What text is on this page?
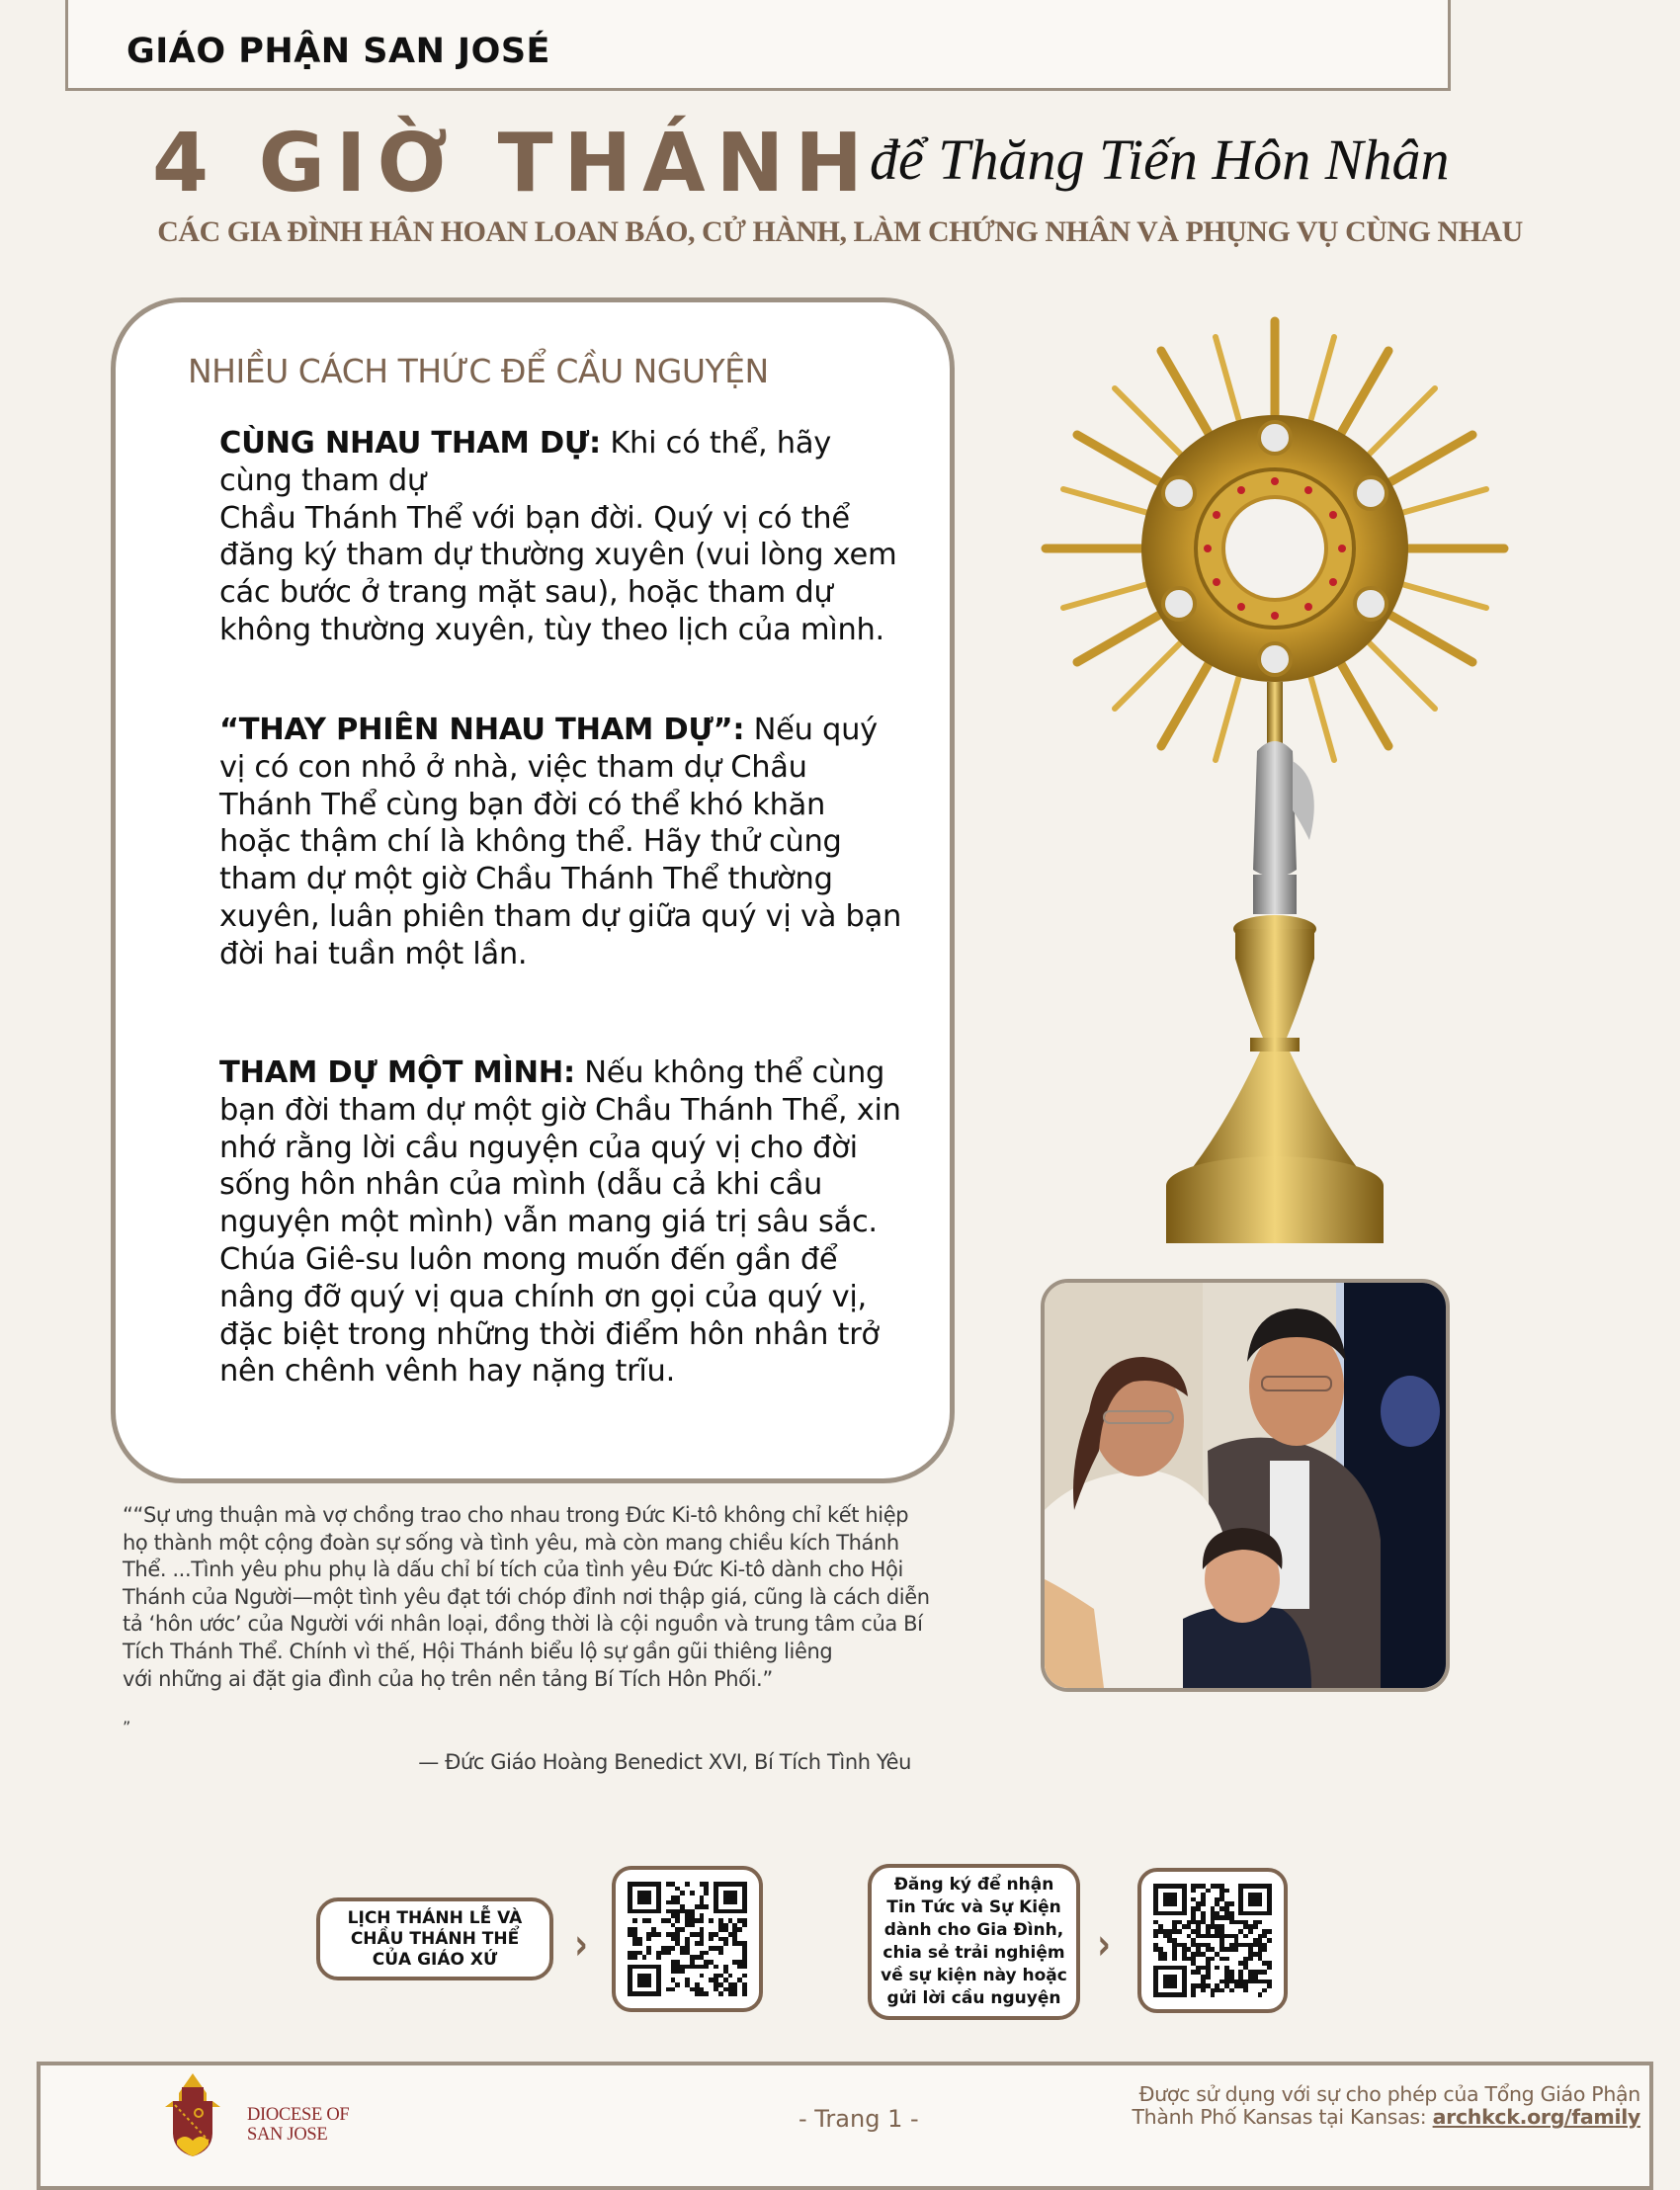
GIÁO PHẬN SAN JOSÉ
4 GIỜ THÁNH
để Thăng Tiến Hôn Nhân
CÁC GIA ĐÌNH HÂN HOAN LOAN BÁO, CỬ HÀNH, LÀM CHỨNG NHÂN VÀ PHỤNG VỤ CÙNG NHAU
NHIỀU CÁCH THỨC ĐỂ CẦU NGUYỆN
CÙNG NHAU THAM DỰ: Khi có thể, hãy
cùng tham dự
Chầu Thánh Thể với bạn đời. Quý vị có thể đăng ký tham dự thường xuyên (vui lòng xem các bước ở trang mặt sau), hoặc tham dự không thường xuyên, tùy theo lịch của mình.
“THAY PHIÊN NHAU THAM DỰ”: Nếu quý vị có con nhỏ ở nhà, việc tham dự Chầu Thánh Thể cùng bạn đời có thể khó khăn hoặc thậm chí là không thể. Hãy thử cùng tham dự một giờ Chầu Thánh Thể thường xuyên, luân phiên tham dự giữa quý vị và bạn đời hai tuần một lần.
THAM DỰ MỘT MÌNH: Nếu không thể cùng bạn đời tham dự một giờ Chầu Thánh Thể, xin nhớ rằng lời cầu nguyện của quý vị cho đời sống hôn nhân của mình (dẫu cả khi cầu nguyện một mình) vẫn mang giá trị sâu sắc. Chúa Giê-su luôn mong muốn đến gần để nâng đỡ quý vị qua chính ơn gọi của quý vị, đặc biệt trong những thời điểm hôn nhân trở nên chênh vênh hay nặng trĩu.
““Sự ưng thuận mà vợ chồng trao cho nhau trong Đức Ki-tô không chỉ kết hiệp họ thành một cộng đoàn sự sống và tình yêu, mà còn mang chiều kích Thánh Thể. ...Tình yêu phu phụ là dấu chỉ bí tích của tình yêu Đức Ki-tô dành cho Hội Thánh của Người—một tình yêu đạt tới chóp đỉnh nơi thập giá, cũng là cách diễn tả ‘hôn ước’ của Người với nhân loại, đồng thời là cội nguồn và trung tâm của Bí Tích Thánh Thể. Chính vì thế, Hội Thánh biểu lộ sự gần gũi thiêng liêng
với những ai đặt gia đình của họ trên nền tảng Bí Tích Hôn Phối.”
”
— Đức Giáo Hoàng Benedict XVI, Bí Tích Tình Yêu
LỊCH THÁNH LỄ VÀ CHẦU THÁNH THỂ CỦA GIÁO XỨ	›
Đăng ký để nhận Tin Tức và Sự Kiện dành cho Gia Đình, chia sẻ trải nghiệm về sự kiện này hoặc gửi lời cầu nguyện
›
DIOCESE OF
SAN JOSE
- Trang 1 -
Được sử dụng với sự cho phép của Tổng Giáo Phận
Thành Phố Kansas tại Kansas: archkck.org/family
